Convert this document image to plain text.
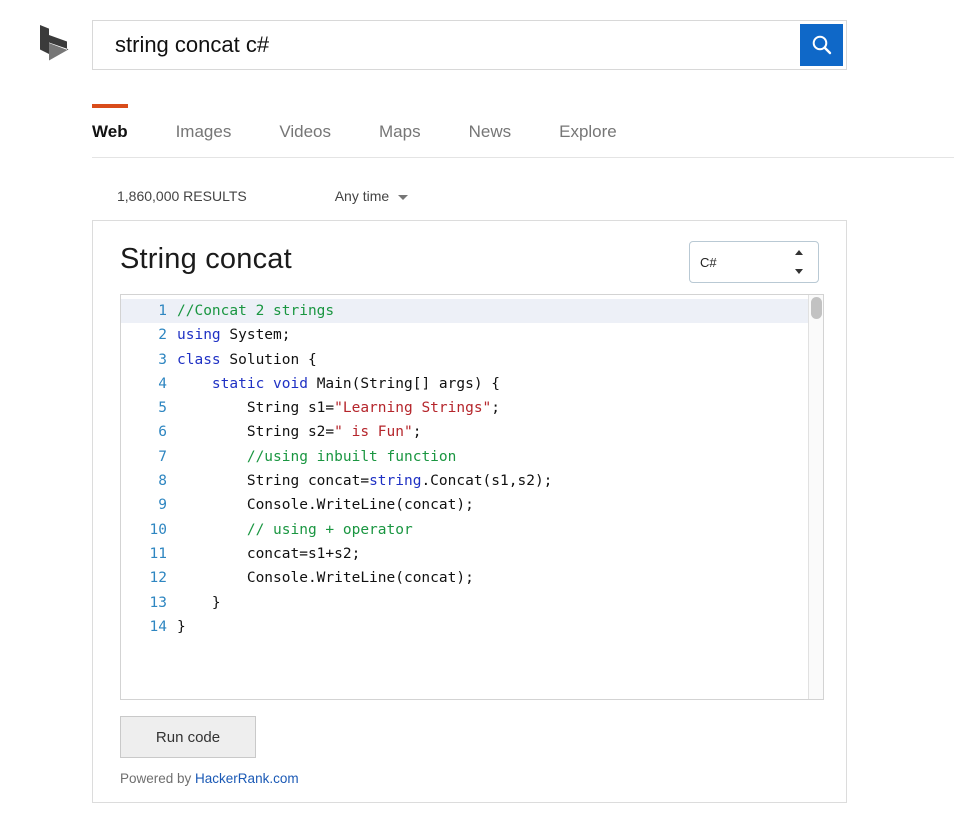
string concat c#
Web	Images	Videos	Maps	News	Explore
1,860,000 RESULTS	Any time
String concat
C#
1 //Concat 2 strings
2 using System;
3 class Solution {
4	static void Main(String[] args) {
5 String s1="Learning Strings";
6 String s2=" is Fun";
7	//using inbuilt function
8 String concat=string.Concat(s1,s2);
9 Console.WriteLine(concat);
10	// using + operator
11 concat=s1+s2;
12 Console.WriteLine(concat);
13 }
14 }
Run code
Powered by HackerRank.com
